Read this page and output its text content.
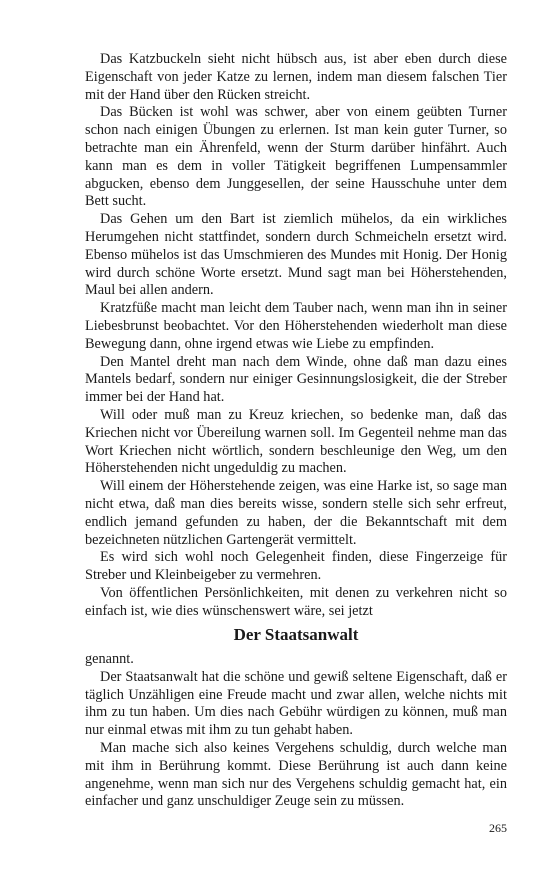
Das Katzbuckeln sieht nicht hübsch aus, ist aber eben durch diese Eigenschaft von jeder Katze zu lernen, indem man diesem falschen Tier mit der Hand über den Rücken streicht.

Das Bücken ist wohl was schwer, aber von einem geübten Turner schon nach einigen Übungen zu erlernen. Ist man kein guter Turner, so betrachte man ein Ährenfeld, wenn der Sturm darüber hinfährt. Auch kann man es dem in voller Tätigkeit begriffenen Lumpensammler abgucken, ebenso dem Junggesellen, der seine Hausschuhe unter dem Bett sucht.

Das Gehen um den Bart ist ziemlich mühelos, da ein wirkliches Herumgehen nicht stattfindet, sondern durch Schmeicheln ersetzt wird. Ebenso mühelos ist das Umschmieren des Mundes mit Honig. Der Honig wird durch schöne Worte ersetzt. Mund sagt man bei Höherstehenden, Maul bei allen andern.

Kratzfüße macht man leicht dem Tauber nach, wenn man ihn in seiner Liebesbrunst beobachtet. Vor den Höherstehenden wiederholt man diese Bewegung dann, ohne irgend etwas wie Liebe zu empfinden.

Den Mantel dreht man nach dem Winde, ohne daß man dazu eines Mantels bedarf, sondern nur einiger Gesinnungslosigkeit, die der Streber immer bei der Hand hat.

Will oder muß man zu Kreuz kriechen, so bedenke man, daß das Kriechen nicht vor Übereilung warnen soll. Im Gegenteil nehme man das Wort Kriechen nicht wörtlich, sondern beschleunige den Weg, um den Höherstehenden nicht ungeduldig zu machen.

Will einem der Höherstehende zeigen, was eine Harke ist, so sage man nicht etwa, daß man dies bereits wisse, sondern stelle sich sehr erfreut, endlich jemand gefunden zu haben, der die Bekanntschaft mit dem bezeichneten nützlichen Gartengerät vermittelt.

Es wird sich wohl noch Gelegenheit finden, diese Fingerzeige für Streber und Kleinbeigeber zu vermehren.

Von öffentlichen Persönlichkeiten, mit denen zu verkehren nicht so einfach ist, wie dies wünschenswert wäre, sei jetzt

Der Staatsanwalt

genannt.

Der Staatsanwalt hat die schöne und gewiß seltene Eigenschaft, daß er täglich Unzähligen eine Freude macht und zwar allen, welche nichts mit ihm zu tun haben. Um dies nach Gebühr würdigen zu können, muß man nur einmal etwas mit ihm zu tun gehabt haben.

Man mache sich also keines Vergehens schuldig, durch welche man mit ihm in Berührung kommt. Diese Berührung ist auch dann keine angenehme, wenn man sich nur des Vergehens schuldig gemacht hat, ein einfacher und ganz unschuldiger Zeuge sein zu müssen.

265
